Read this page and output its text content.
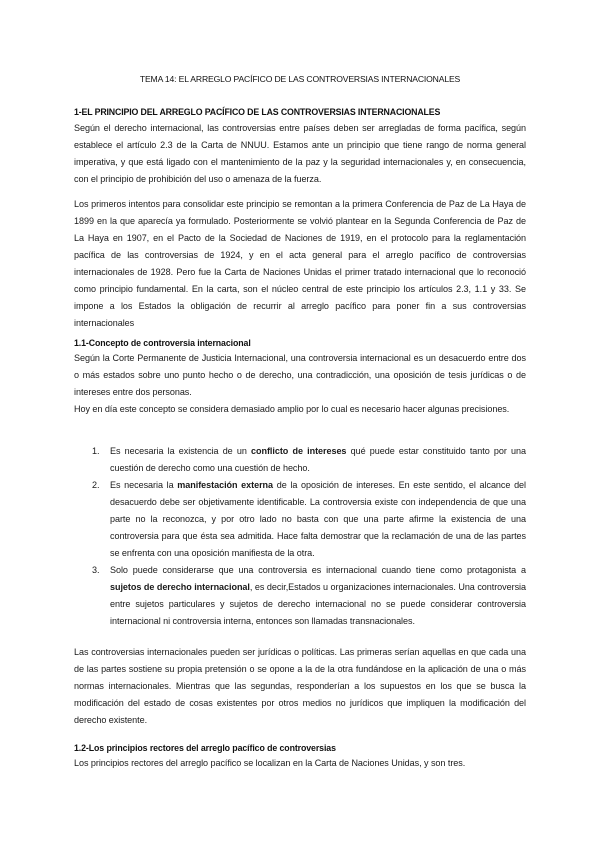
TEMA 14: EL ARREGLO PACÍFICO DE LAS CONTROVERSIAS INTERNACIONALES
1-EL PRINCIPIO DEL ARREGLO PACÍFICO DE LAS CONTROVERSIAS INTERNACIONALES

Según el derecho internacional, las controversias entre países deben ser arregladas de forma pacífica, según establece el artículo 2.3 de la Carta de NNUU. Estamos ante un principio que tiene rango de norma general imperativa, y que está ligado con el mantenimiento de la paz y la seguridad internacionales y, en consecuencia, con el principio de prohibición del uso o amenaza de la fuerza.

Los primeros intentos para consolidar este principio se remontan a la primera Conferencia de Paz de La Haya de 1899 en la que aparecía ya formulado. Posteriormente se volvió plantear en la Segunda Conferencia de Paz de La Haya en 1907, en el Pacto de la Sociedad de Naciones de 1919, en el protocolo para la reglamentación pacífica de las controversias de 1924, y en el acta general para el arreglo pacífico de controversias internacionales de 1928. Pero fue la Carta de Naciones Unidas el primer tratado internacional que lo reconoció como principio fundamental. En la carta, son el núcleo central de este principio los artículos 2.3, 1.1 y 33. Se impone a los Estados la obligación de recurrir al arreglo pacífico para poner fin a sus controversias internacionales

1.1-Concepto de controversia internacional

Según la Corte Permanente de Justicia Internacional, una controversia internacional es un desacuerdo entre dos o más estados sobre uno punto hecho o de derecho, una contradicción, una oposición de tesis jurídicas o de intereses entre dos personas.

Hoy en día este concepto se considera demasiado amplio por lo cual es necesario hacer algunas precisiones.

1. Es necesaria la existencia de un conflicto de intereses qué puede estar constituido tanto por una cuestión de derecho como una cuestión de hecho.
2. Es necesaria la manifestación externa de la oposición de intereses. En este sentido, el alcance del desacuerdo debe ser objetivamente identificable. La controversia existe con independencia de que una parte no la reconozca, y por otro lado no basta con que una parte afirme la existencia de una controversia para que ésta sea admitida. Hace falta demostrar que la reclamación de una de las partes se enfrenta con una oposición manifiesta de la otra.
3. Solo puede considerarse que una controversia es internacional cuando tiene como protagonista a sujetos de derecho internacional, es decir,Estados u organizaciones internacionales. Una controversia entre sujetos particulares y sujetos de derecho internacional no se puede considerar controversia internacional ni controversia interna, entonces son llamadas transnacionales.

Las controversias internacionales pueden ser jurídicas o políticas. Las primeras serían aquellas en que cada una de las partes sostiene su propia pretensión o se opone a la de la otra fundándose en la aplicación de una o más normas internacionales. Mientras que las segundas, responderían a los supuestos en los que se busca la modificación del estado de cosas existentes por otros medios no jurídicos que impliquen la modificación del derecho existente.

1.2-Los principios rectores del arreglo pacífico de controversias

Los principios rectores del arreglo pacífico se localizan en la Carta de Naciones Unidas, y son tres.
